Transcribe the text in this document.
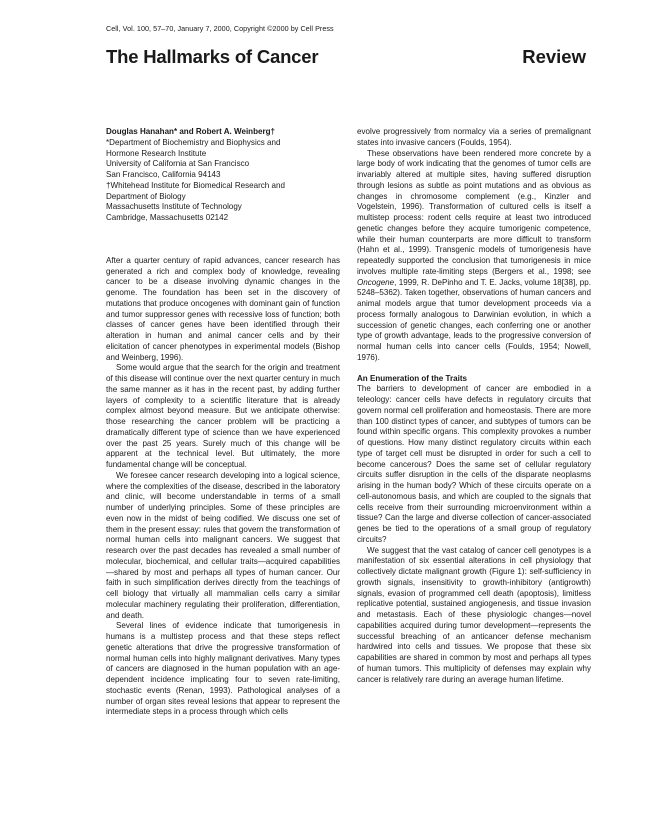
Cell, Vol. 100, 57–70, January 7, 2000, Copyright ©2000 by Cell Press
The Hallmarks of Cancer	Review

Douglas Hanahan* and Robert A. Weinberg†

*Department of Biochemistry and Biophysics and
Hormone Research Institute
University of California at San Francisco
San Francisco, California 94143
†Whitehead Institute for Biomedical Research and
Department of Biology
Massachusetts Institute of Technology
Cambridge, Massachusetts 02142

After a quarter century of rapid advances, cancer research has generated a rich and complex body of knowledge, revealing cancer to be a disease involving dynamic changes in the genome. The foundation has been set in the discovery of mutations that produce oncogenes with dominant gain of function and tumor suppressor genes with recessive loss of function; both classes of cancer genes have been identified through their alteration in human and animal cancer cells and by their elicitation of cancer phenotypes in experimental models (Bishop and Weinberg, 1996).

Some would argue that the search for the origin and treatment of this disease will continue over the next quarter century in much the same manner as it has in the recent past, by adding further layers of complexity to a scientific literature that is already complex almost beyond measure. But we anticipate otherwise: those researching the cancer problem will be practicing a dramatically different type of science than we have experienced over the past 25 years. Surely much of this change will be apparent at the technical level. But ultimately, the more fundamental change will be conceptual.

We foresee cancer research developing into a logical science, where the complexities of the disease, described in the laboratory and clinic, will become understandable in terms of a small number of underlying principles. Some of these principles are even now in the midst of being codified. We discuss one set of them in the present essay: rules that govern the transformation of normal human cells into malignant cancers. We suggest that research over the past decades has revealed a small number of molecular, biochemical, and cellular traits—acquired capabilities—shared by most and perhaps all types of human cancer. Our faith in such simplification derives directly from the teachings of cell biology that virtually all mammalian cells carry a similar molecular machinery regulating their proliferation, differentiation, and death.

Several lines of evidence indicate that tumorigenesis in humans is a multistep process and that these steps reflect genetic alterations that drive the progressive transformation of normal human cells into highly malignant derivatives. Many types of cancers are diagnosed in the human population with an age-dependent incidence implicating four to seven rate-limiting, stochastic events (Renan, 1993). Pathological analyses of a number of organ sites reveal lesions that appear to represent the intermediate steps in a process through which cells

evolve progressively from normalcy via a series of premalignant states into invasive cancers (Foulds, 1954).

These observations have been rendered more concrete by a large body of work indicating that the genomes of tumor cells are invariably altered at multiple sites, having suffered disruption through lesions as subtle as point mutations and as obvious as changes in chromosome complement (e.g., Kinzler and Vogelstein, 1996). Transformation of cultured cells is itself a multistep process: rodent cells require at least two introduced genetic changes before they acquire tumorigenic competence, while their human counterparts are more difficult to transform (Hahn et al., 1999). Transgenic models of tumorigenesis have repeatedly supported the conclusion that tumorigenesis in mice involves multiple rate-limiting steps (Bergers et al., 1998; see Oncogene, 1999, R. DePinho and T. E. Jacks, volume 18[38], pp. 5248–5362). Taken together, observations of human cancers and animal models argue that tumor development proceeds via a process formally analogous to Darwinian evolution, in which a succession of genetic changes, each conferring one or another type of growth advantage, leads to the progressive conversion of normal human cells into cancer cells (Foulds, 1954; Nowell, 1976).

An Enumeration of the Traits

The barriers to development of cancer are embodied in a teleology: cancer cells have defects in regulatory circuits that govern normal cell proliferation and homeostasis. There are more than 100 distinct types of cancer, and subtypes of tumors can be found within specific organs. This complexity provokes a number of questions. How many distinct regulatory circuits within each type of target cell must be disrupted in order for such a cell to become cancerous? Does the same set of cellular regulatory circuits suffer disruption in the cells of the disparate neoplasms arising in the human body? Which of these circuits operate on a cell-autonomous basis, and which are coupled to the signals that cells receive from their surrounding microenvironment within a tissue? Can the large and diverse collection of cancer-associated genes be tied to the operations of a small group of regulatory circuits?

We suggest that the vast catalog of cancer cell genotypes is a manifestation of six essential alterations in cell physiology that collectively dictate malignant growth (Figure 1): self-sufficiency in growth signals, insensitivity to growth-inhibitory (antigrowth) signals, evasion of programmed cell death (apoptosis), limitless replicative potential, sustained angiogenesis, and tissue invasion and metastasis. Each of these physiologic changes—novel capabilities acquired during tumor development—represents the successful breaching of an anticancer defense mechanism hardwired into cells and tissues. We propose that these six capabilities are shared in common by most and perhaps all types of human tumors. This multiplicity of defenses may explain why cancer is relatively rare during an average human lifetime.
